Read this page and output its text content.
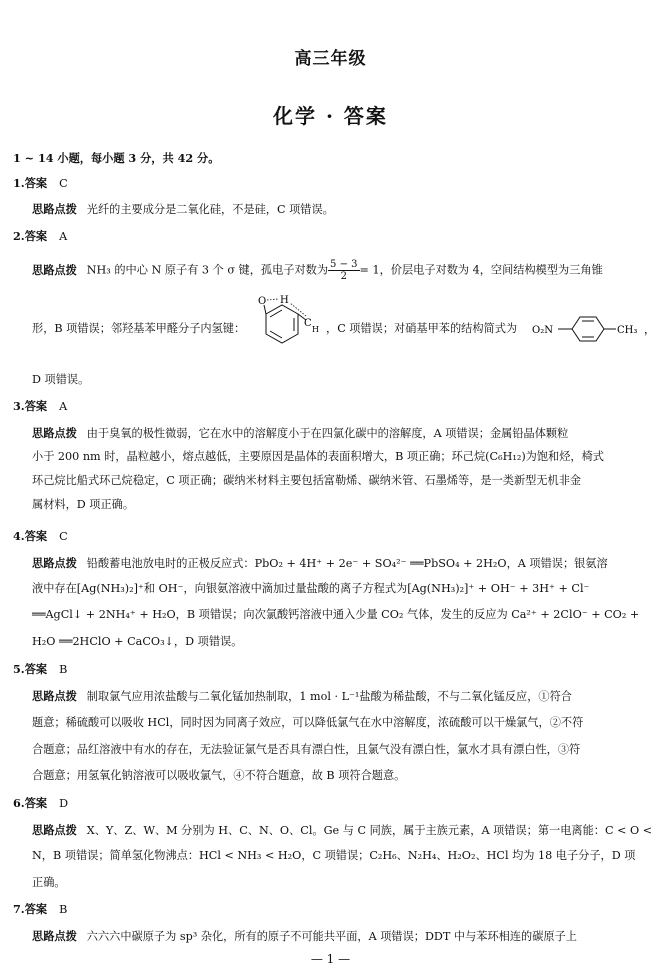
高三年级
化学 · 答案
1 ~ 14 小题，每小题 3 分，共 42 分。
1.答案 C
思路点拨 光纤的主要成分是二氧化硅，不是硅，C 项错误。
2.答案 A
思路点拨 NH₃ 的中心 N 原子有 3 个 σ 键，孤电子对数为 $\frac{5 - 3}{2} = 1$，价层电子对数为 4，空间结构模型为三角锥
形，B 项错误；邻羟基苯甲醛分子内氢键：
O H
C
H ，C 项错误；对硝基甲苯的结构简式为 O₂N	CH₃ ，
D 项错误。
3.答案 A
思路点拨 由于臭氧的极性微弱，它在水中的溶解度小于在四氯化碳中的溶解度，A 项错误；金属铅晶体颗粒
小于 200 nm 时，晶粒越小，熔点越低，主要原因是晶体的表面积增大，B 项正确；环己烷(C₆H₁₂)为饱和烃，椅式
环己烷比船式环己烷稳定，C 项正确；碳纳米材料主要包括富勒烯、碳纳米管、石墨烯等，是一类新型无机非金
属材料，D 项正确。
4.答案 C
思路点拨 铅酸蓄电池放电时的正极反应式：PbO₂ + 4H⁺ + 2e⁻ + SO₄²⁻ ══PbSO₄ + 2H₂O，A 项错误；银氨溶
液中存在[Ag(NH₃)₂]⁺和 OH⁻，向银氨溶液中滴加过量盐酸的离子方程式为[Ag(NH₃)₂]⁺ + OH⁻ + 3H⁺ + Cl⁻
══AgCl↓ + 2NH₄⁺ + H₂O，B 项错误；向次氯酸钙溶液中通入少量 CO₂ 气体，发生的反应为 Ca²⁺ + 2ClO⁻ + CO₂ +
H₂O ══2HClO + CaCO₃↓，D 项错误。
5.答案 B
思路点拨 制取氯气应用浓盐酸与二氧化锰加热制取，1 mol · L⁻¹盐酸为稀盐酸，不与二氧化锰反应，①符合
题意；稀硫酸可以吸收 HCl，同时因为同离子效应，可以降低氯气在水中溶解度，浓硫酸可以干燥氯气，②不符
合题意；品红溶液中有水的存在，无法验证氯气是否具有漂白性，且氯气没有漂白性，氯水才具有漂白性，③符
合题意；用氢氧化钠溶液可以吸收氯气，④不符合题意，故 B 项符合题意。
6.答案 D
思路点拨 X、Y、Z、W、M 分别为 H、C、N、O、Cl。Ge 与 C 同族，属于主族元素，A 项错误；第一电离能：C < O <
N，B 项错误；简单氢化物沸点：HCl < NH₃ < H₂O，C 项错误；C₂H₆、N₂H₄、H₂O₂、HCl 均为 18 电子分子，D 项
正确。
7.答案 B
思路点拨 六六六中碳原子为 sp³ 杂化，所有的原子不可能共平面，A 项错误；DDT 中与苯环相连的碳原子上
— 1 —
